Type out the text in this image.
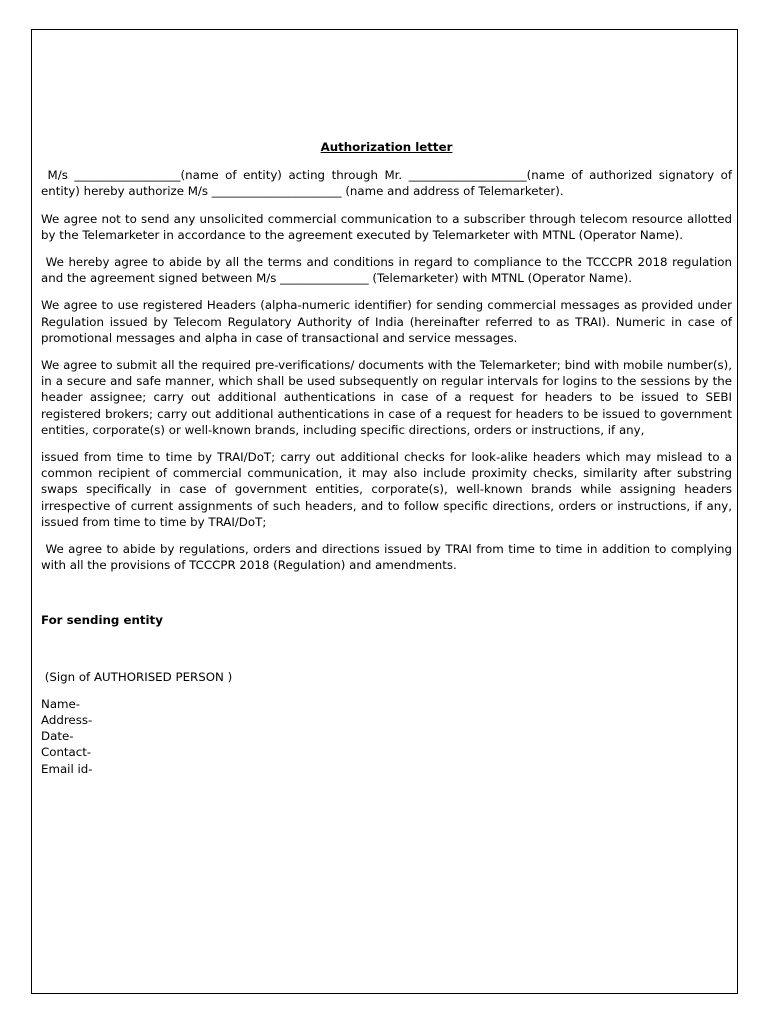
Authorization letter

M/s __________________(name of entity) acting through Mr. ____________________(name of authorized signatory of entity) hereby authorize M/s ______________________ (name and address of Telemarketer).

We agree not to send any unsolicited commercial communication to a subscriber through telecom resource allotted by the Telemarketer in accordance to the agreement executed by Telemarketer with MTNL (Operator Name).

We hereby agree to abide by all the terms and conditions in regard to compliance to the TCCCPR 2018 regulation and the agreement signed between M/s _______________ (Telemarketer) with MTNL (Operator Name).

We agree to use registered Headers (alpha-numeric identifier) for sending commercial messages as provided under Regulation issued by Telecom Regulatory Authority of India (hereinafter referred to as TRAI). Numeric in case of promotional messages and alpha in case of transactional and service messages.

We agree to submit all the required pre-verifications/ documents with the Telemarketer; bind with mobile number(s), in a secure and safe manner, which shall be used subsequently on regular intervals for logins to the sessions by the header assignee; carry out additional authentications in case of a request for headers to be issued to SEBI registered brokers; carry out additional authentications in case of a request for headers to be issued to government entities, corporate(s) or well-known brands, including specific directions, orders or instructions, if any,

issued from time to time by TRAI/DoT; carry out additional checks for look-alike headers which may mislead to a common recipient of commercial communication, it may also include proximity checks, similarity after substring swaps specifically in case of government entities, corporate(s), well-known brands while assigning headers irrespective of current assignments of such headers, and to follow specific directions, orders or instructions, if any, issued from time to time by TRAI/DoT;

We agree to abide by regulations, orders and directions issued by TRAI from time to time in addition to complying with all the provisions of TCCCPR 2018 (Regulation) and amendments.

For sending entity
(Sign of AUTHORISED PERSON )
Name-
Address-
Date-
Contact-
Email id-
